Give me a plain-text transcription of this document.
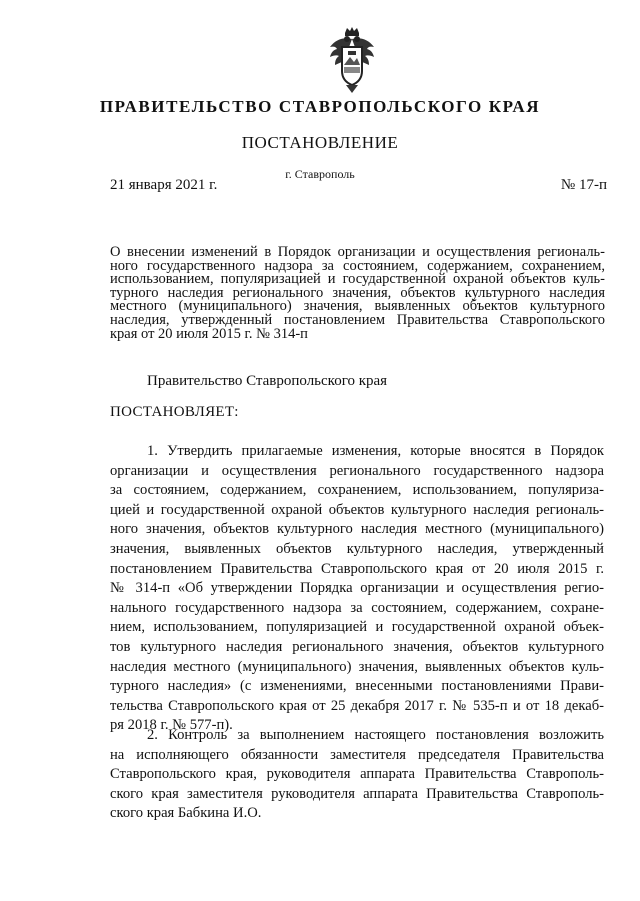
ПРАВИТЕЛЬСТВО СТАВРОПОЛЬСКОГО КРАЯ
ПОСТАНОВЛЕНИЕ
г. Ставрополь
21 января 2021 г.	№ 17-п
О внесении изменений в Порядок организации и осуществления региональ-
ного государственного надзора за состоянием, содержанием, сохранением,
использованием, популяризацией и государственной охраной объектов куль-
турного наследия регионального значения, объектов культурного наследия
местного (муниципального) значения, выявленных объектов культурного
наследия, утвержденный постановлением Правительства Ставропольского
края от 20 июля 2015 г. № 314-п
Правительство Ставропольского края
ПОСТАНОВЛЯЕТ:
1. Утвердить прилагаемые изменения, которые вносятся в Порядок
организации и осуществления регионального государственного надзора
за состоянием, содержанием, сохранением, использованием, популяриза-
цией и государственной охраной объектов культурного наследия региональ-
ного значения, объектов культурного наследия местного (муниципального)
значения, выявленных объектов культурного наследия, утвержденный
постановлением Правительства Ставропольского края от 20 июля 2015 г.
№ 314-п «Об утверждении Порядка организации и осуществления регио-
нального государственного надзора за состоянием, содержанием, сохране-
нием, использованием, популяризацией и государственной охраной объек-
тов культурного наследия регионального значения, объектов культурного
наследия местного (муниципального) значения, выявленных объектов куль-
турного наследия» (с изменениями, внесенными постановлениями Прави-
тельства Ставропольского края от 25 декабря 2017 г. № 535-п и от 18 декаб-
ря 2018 г. № 577-п).
2. Контроль за выполнением настоящего постановления возложить
на исполняющего обязанности заместителя председателя Правительства
Ставропольского края, руководителя аппарата Правительства Ставрополь-
ского края заместителя руководителя аппарата Правительства Ставрополь-
ского края Бабкина И.О.
